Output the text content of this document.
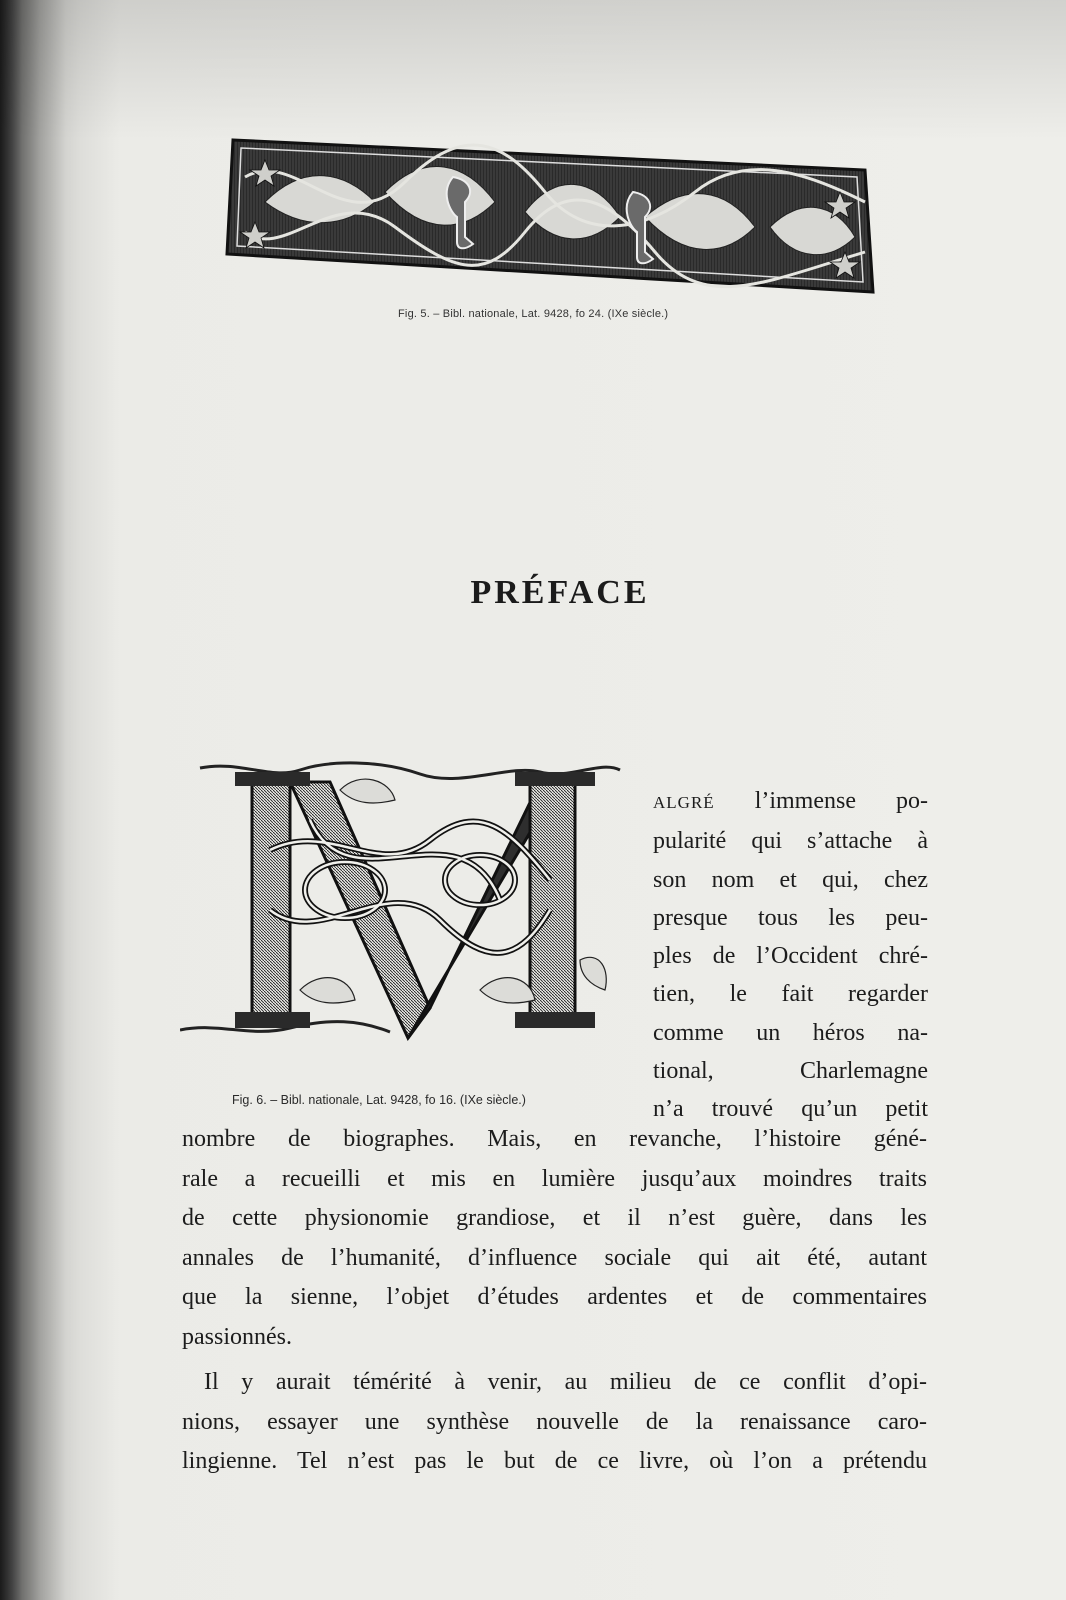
Fig. 5. – Bibl. nationale, Lat. 9428, fo 24. (IXe siècle.)
PRÉFACE
Fig. 6. – Bibl. nationale, Lat. 9428, fo 16. (IXe siècle.)
ALGRÉ l’immense po-
pularité qui s’attache à
son nom et qui, chez
presque tous les peu-
ples de l’Occident chré-
tien, le fait regarder
comme un héros na-
tional, Charlemagne
n’a trouvé qu’un petit
nombre de biographes. Mais, en revanche, l’histoire géné-
rale a recueilli et mis en lumière jusqu’aux moindres traits
de cette physionomie grandiose, et il n’est guère, dans les
annales de l’humanité, d’influence sociale qui ait été, autant
que la sienne, l’objet d’études ardentes et de commentaires
passionnés.
Il y aurait témérité à venir, au milieu de ce conflit d’opi-
nions, essayer une synthèse nouvelle de la renaissance caro-
lingienne. Tel n’est pas le but de ce livre, où l’on a prétendu
